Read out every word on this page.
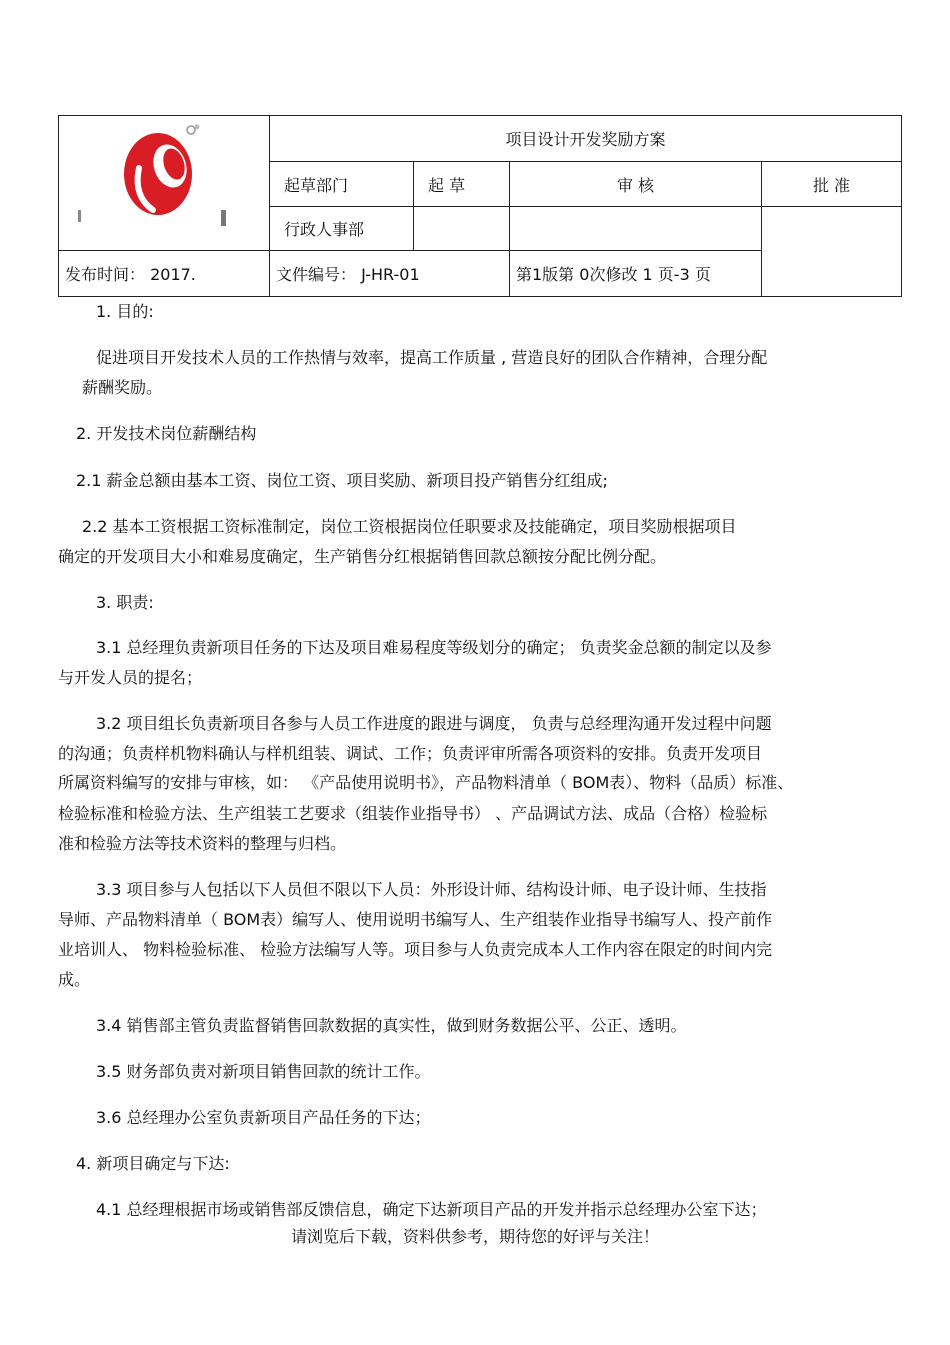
	项目设计开发奖励方案			
	起草部门	起 草	审 核	批 准
	行政人事部			
发布时间： 2017.	文件编号： J-HR-01		第1版第 0次修改 1 页-3 页	
1. 目的:
促进项目开发技术人员的工作热情与效率，提高工作质量 , 营造良好的团队合作精神，合理分配
薪酬奖励。
2. 开发技术岗位薪酬结构
2.1 薪金总额由基本工资、岗位工资、项目奖励、新项目投产销售分红组成;
2.2 基本工资根据工资标准制定，岗位工资根据岗位任职要求及技能确定，项目奖励根据项目
确定的开发项目大小和难易度确定，生产销售分红根据销售回款总额按分配比例分配。
3. 职责:
3.1 总经理负责新项目任务的下达及项目难易程度等级划分的确定； 负责奖金总额的制定以及参
与开发人员的提名；
3.2 项目组长负责新项目各参与人员工作进度的跟进与调度， 负责与总经理沟通开发过程中问题
的沟通；负责样机物料确认与样机组装、调试、工作；负责评审所需各项资料的安排。负责开发项目
所属资料编写的安排与审核，如： 《产品使用说明书》，产品物料清单（ BOM表）、物料（品质）标准、
检验标准和检验方法、生产组装工艺要求（组装作业指导书） 、产品调试方法、成品（合格）检验标
准和检验方法等技术资料的整理与归档。
3.3 项目参与人包括以下人员但不限以下人员：外形设计师、结构设计师、电子设计师、生技指
导师、产品物料清单（ BOM表）编写人、使用说明书编写人、生产组装作业指导书编写人、投产前作
业培训人、 物料检验标准、 检验方法编写人等。项目参与人负责完成本人工作内容在限定的时间内完
成。
3.4 销售部主管负责监督销售回款数据的真实性，做到财务数据公平、公正、透明。
3.5 财务部负责对新项目销售回款的统计工作。
3.6 总经理办公室负责新项目产品任务的下达；
4. 新项目确定与下达:
4.1 总经理根据市场或销售部反馈信息，确定下达新项目产品的开发并指示总经理办公室下达；
请浏览后下载，资料供参考，期待您的好评与关注！
